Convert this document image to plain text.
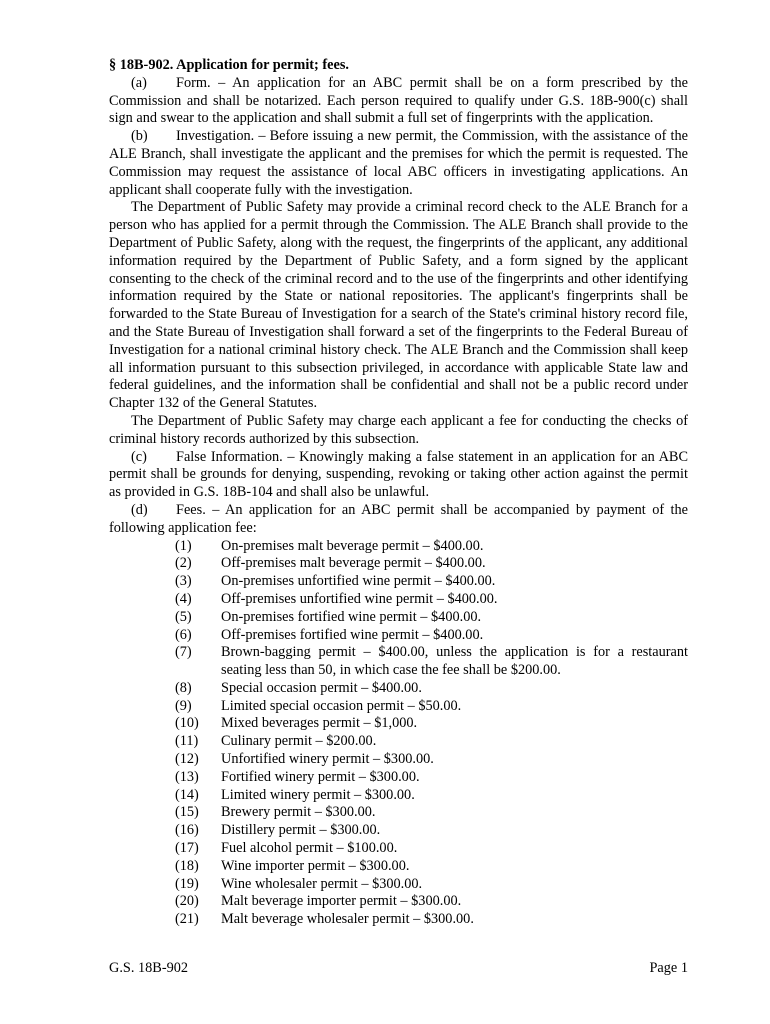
§ 18B-902. Application for permit; fees.
(a) Form. – An application for an ABC permit shall be on a form prescribed by the Commission and shall be notarized. Each person required to qualify under G.S. 18B-900(c) shall sign and swear to the application and shall submit a full set of fingerprints with the application.
(b) Investigation. – Before issuing a new permit, the Commission, with the assistance of the ALE Branch, shall investigate the applicant and the premises for which the permit is requested. The Commission may request the assistance of local ABC officers in investigating applications. An applicant shall cooperate fully with the investigation.
The Department of Public Safety may provide a criminal record check to the ALE Branch for a person who has applied for a permit through the Commission. The ALE Branch shall provide to the Department of Public Safety, along with the request, the fingerprints of the applicant, any additional information required by the Department of Public Safety, and a form signed by the applicant consenting to the check of the criminal record and to the use of the fingerprints and other identifying information required by the State or national repositories. The applicant's fingerprints shall be forwarded to the State Bureau of Investigation for a search of the State's criminal history record file, and the State Bureau of Investigation shall forward a set of the fingerprints to the Federal Bureau of Investigation for a national criminal history check. The ALE Branch and the Commission shall keep all information pursuant to this subsection privileged, in accordance with applicable State law and federal guidelines, and the information shall be confidential and shall not be a public record under Chapter 132 of the General Statutes.
The Department of Public Safety may charge each applicant a fee for conducting the checks of criminal history records authorized by this subsection.
(c) False Information. – Knowingly making a false statement in an application for an ABC permit shall be grounds for denying, suspending, revoking or taking other action against the permit as provided in G.S. 18B-104 and shall also be unlawful.
(d) Fees. – An application for an ABC permit shall be accompanied by payment of the following application fee:
(1) On-premises malt beverage permit – $400.00.
(2) Off-premises malt beverage permit – $400.00.
(3) On-premises unfortified wine permit – $400.00.
(4) Off-premises unfortified wine permit – $400.00.
(5) On-premises fortified wine permit – $400.00.
(6) Off-premises fortified wine permit – $400.00.
(7) Brown-bagging permit – $400.00, unless the application is for a restaurant seating less than 50, in which case the fee shall be $200.00.
(8) Special occasion permit – $400.00.
(9) Limited special occasion permit – $50.00.
(10) Mixed beverages permit – $1,000.
(11) Culinary permit – $200.00.
(12) Unfortified winery permit – $300.00.
(13) Fortified winery permit – $300.00.
(14) Limited winery permit – $300.00.
(15) Brewery permit – $300.00.
(16) Distillery permit – $300.00.
(17) Fuel alcohol permit – $100.00.
(18) Wine importer permit – $300.00.
(19) Wine wholesaler permit – $300.00.
(20) Malt beverage importer permit – $300.00.
(21) Malt beverage wholesaler permit – $300.00.
G.S. 18B-902	Page 1
